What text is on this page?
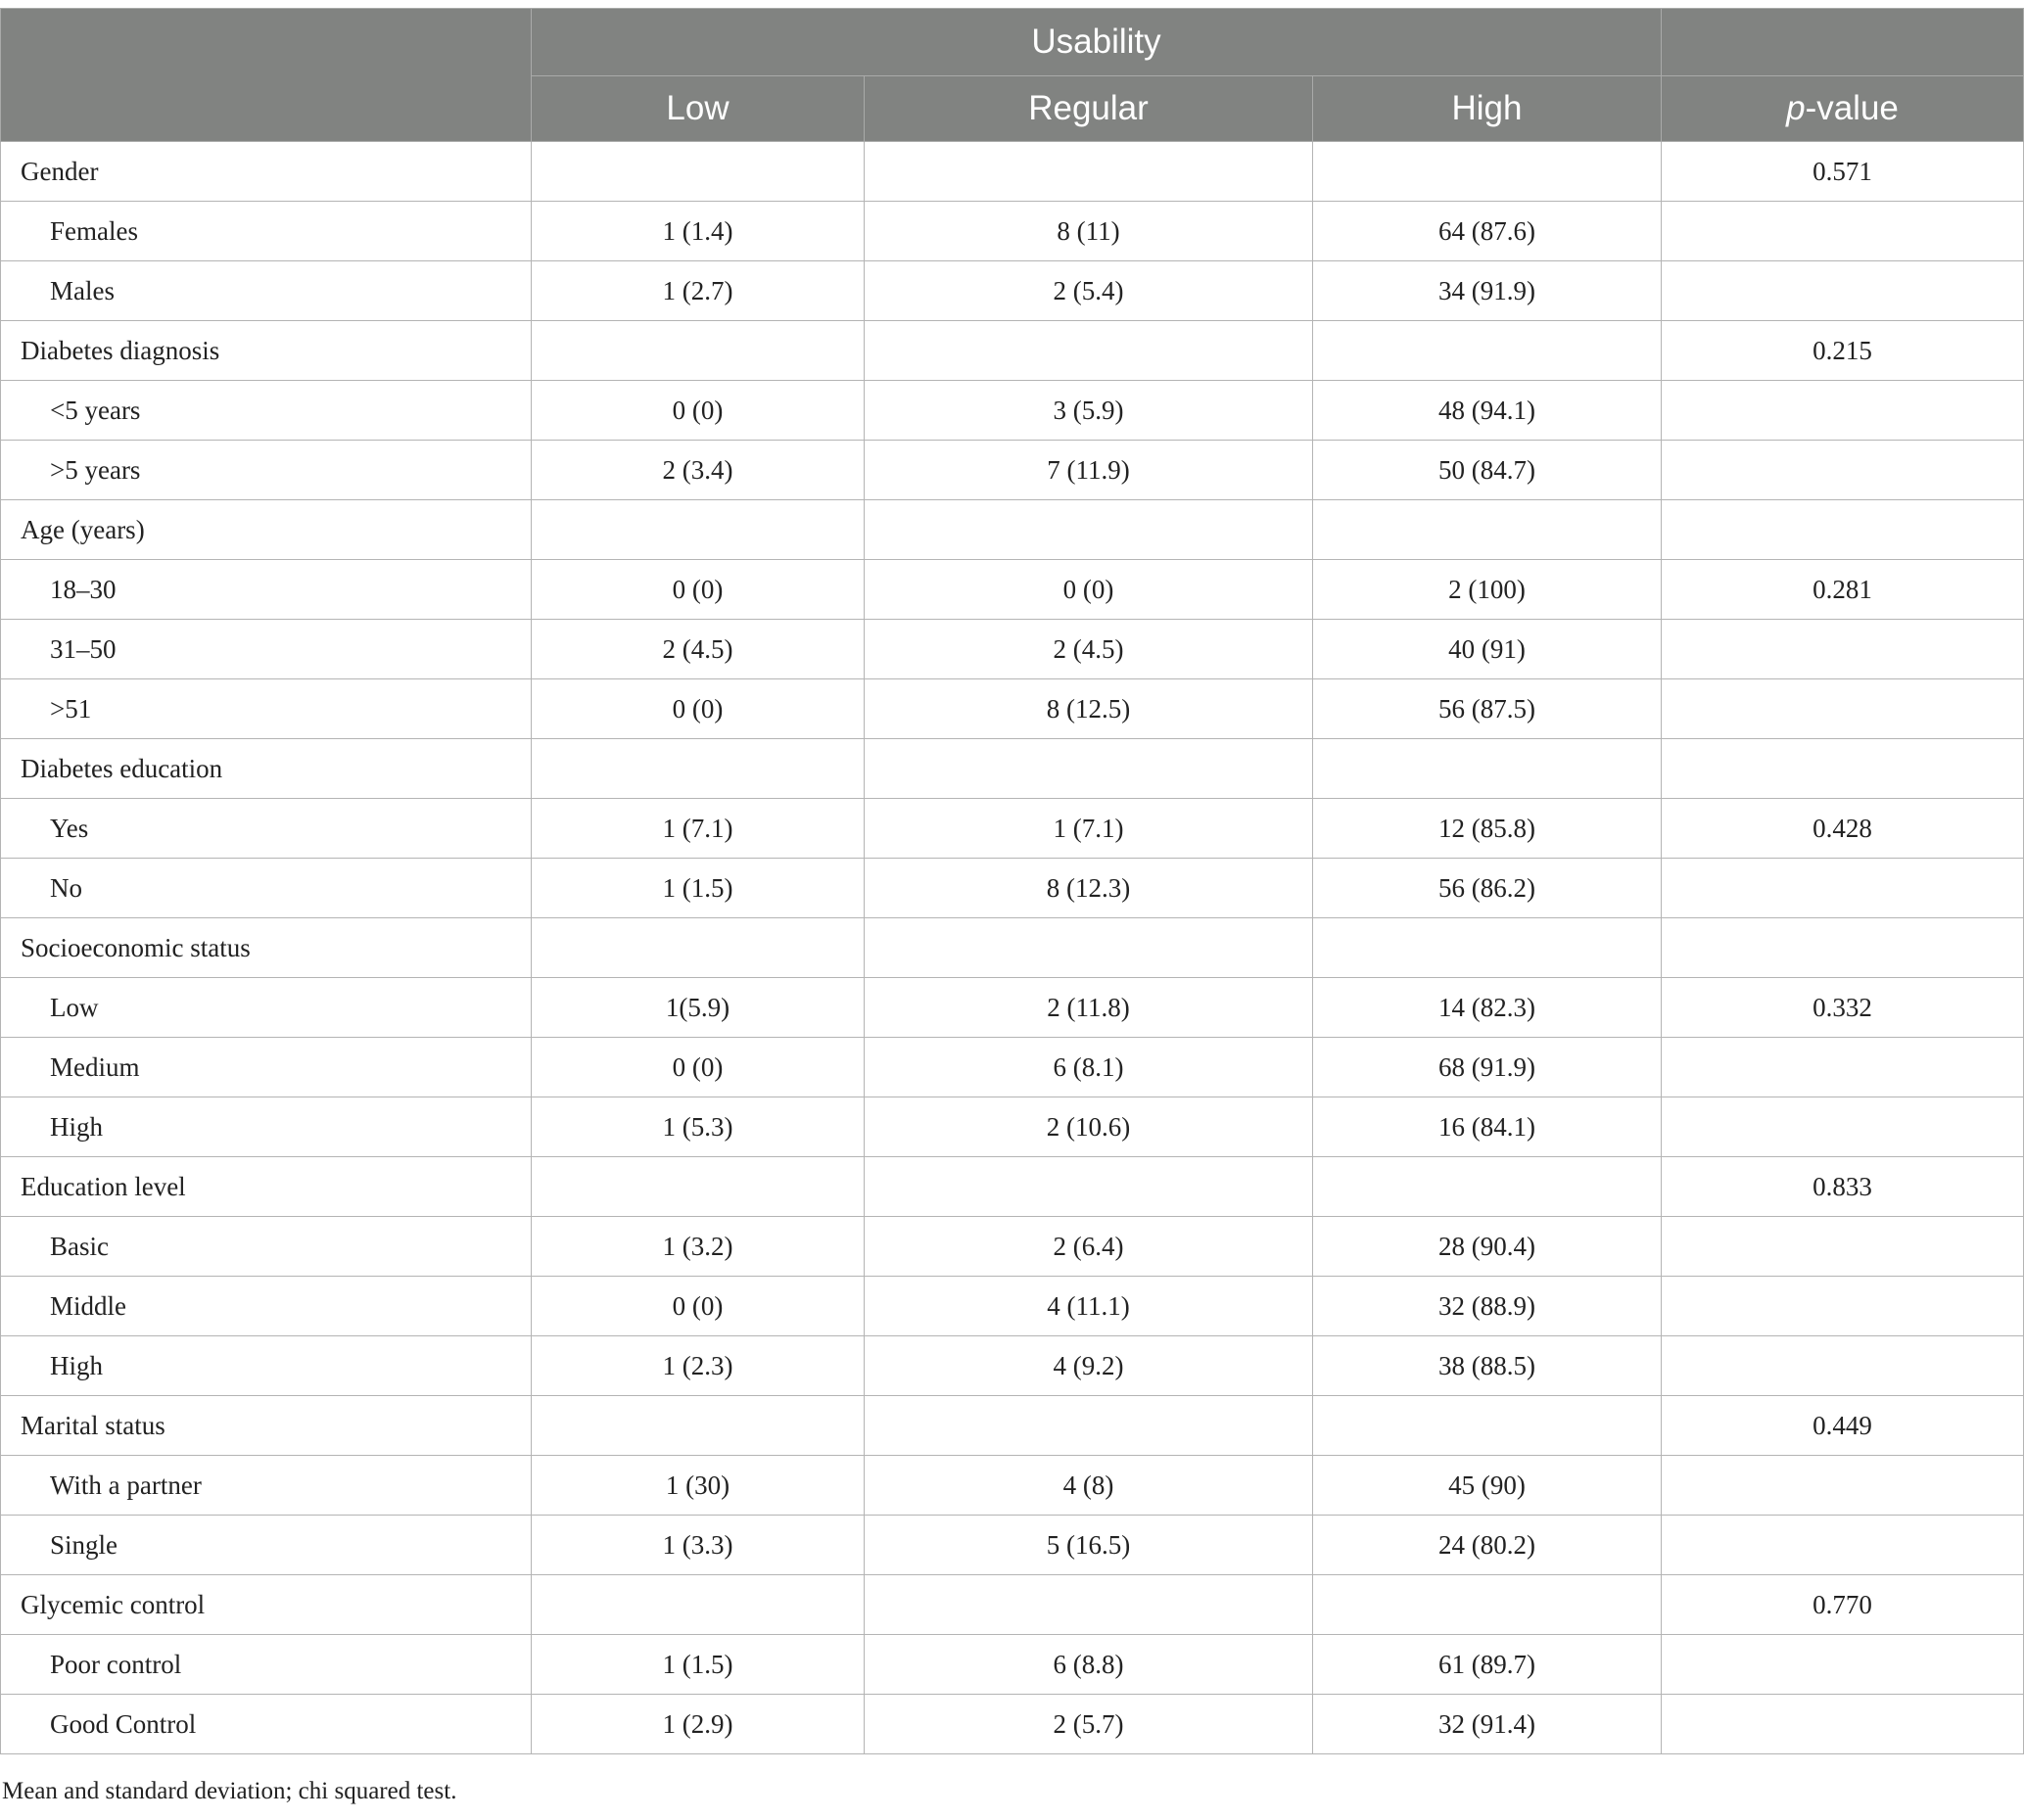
	Usability			
	Low	Regular	High	p-value
Gender				0.571
Females	1 (1.4)	8 (11)	64 (87.6)	
Males	1 (2.7)	2 (5.4)	34 (91.9)	
Diabetes diagnosis				0.215
<5 years	0 (0)	3 (5.9)	48 (94.1)	
>5 years	2 (3.4)	7 (11.9)	50 (84.7)	
Age (years)				
18–30	0 (0)	0 (0)	2 (100)	0.281
31–50	2 (4.5)	2 (4.5)	40 (91)	
>51	0 (0)	8 (12.5)	56 (87.5)	
Diabetes education				
Yes	1 (7.1)	1 (7.1)	12 (85.8)	0.428
No	1 (1.5)	8 (12.3)	56 (86.2)	
Socioeconomic status				
Low	1(5.9)	2 (11.8)	14 (82.3)	0.332
Medium	0 (0)	6 (8.1)	68 (91.9)	
High	1 (5.3)	2 (10.6)	16 (84.1)	
Education level				0.833
Basic	1 (3.2)	2 (6.4)	28 (90.4)	
Middle	0 (0)	4 (11.1)	32 (88.9)	
High	1 (2.3)	4 (9.2)	38 (88.5)	
Marital status				0.449
With a partner	1 (30)	4 (8)	45 (90)	
Single	1 (3.3)	5 (16.5)	24 (80.2)	
Glycemic control				0.770
Poor control	1 (1.5)	6 (8.8)	61 (89.7)	
Good Control	1 (2.9)	2 (5.7)	32 (91.4)	
Mean and standard deviation; chi squared test.
